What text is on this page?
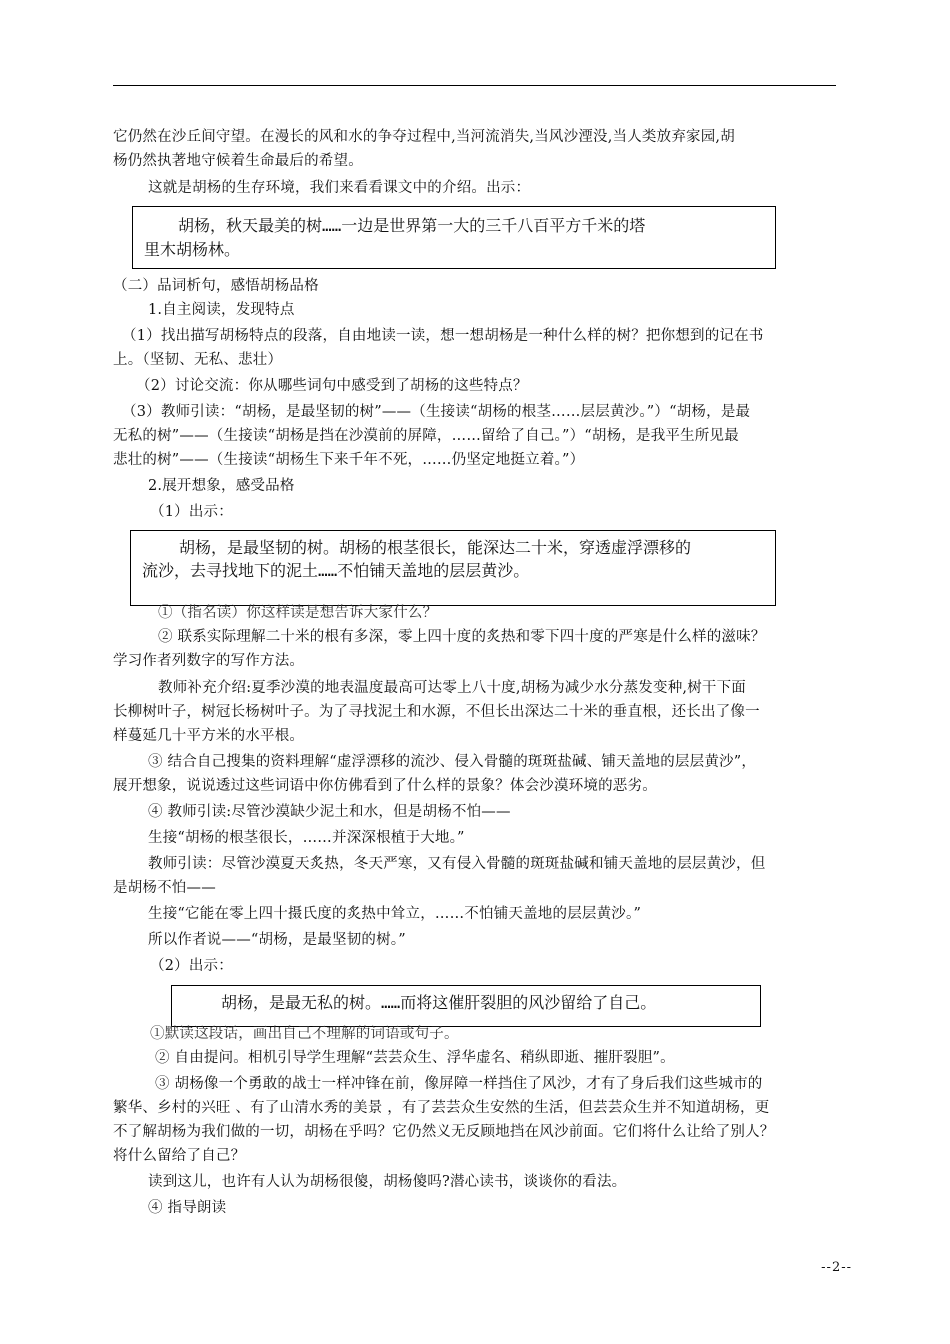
它仍然在沙丘间守望。在漫长的风和水的争夺过程中,当河流消失,当风沙湮没,当人类放弃家园,胡
杨仍然执著地守候着生命最后的希望。
这就是胡杨的生存环境，我们来看看课文中的介绍。出示：
胡杨，秋天最美的树……一边是世界第一大的三千八百平方千米的塔
里木胡杨林。
（二）品词析句，感悟胡杨品格
1.自主阅读，发现特点
（1）找出描写胡杨特点的段落，自由地读一读，想一想胡杨是一种什么样的树？把你想到的记在书
上。（坚韧、无私、悲壮）
（2）讨论交流：你从哪些词句中感受到了胡杨的这些特点？
（3）教师引读：“胡杨，是最坚韧的树”——（生接读“胡杨的根茎……层层黄沙。”）“胡杨，是最
无私的树”——（生接读“胡杨是挡在沙漠前的屏障，……留给了自己。”）“胡杨，是我平生所见最
悲壮的树”——（生接读“胡杨生下来千年不死，……仍坚定地挺立着。”）
2.展开想象，感受品格
（1）出示：
胡杨，是最坚韧的树。胡杨的根茎很长，能深达二十米，穿透虚浮漂移的
流沙，去寻找地下的泥土……不怕铺天盖地的层层黄沙。
①（指名读）你这样读是想告诉大家什么？
② 联系实际理解二十米的根有多深，零上四十度的炙热和零下四十度的严寒是什么样的滋味？
学习作者列数字的写作方法。
教师补充介绍:夏季沙漠的地表温度最高可达零上八十度,胡杨为减少水分蒸发变种,树干下面
长柳树叶子，树冠长杨树叶子。为了寻找泥土和水源，不但长出深达二十米的垂直根，还长出了像一
样蔓延几十平方米的水平根。
③ 结合自己搜集的资料理解“虚浮漂移的流沙、侵入骨髓的斑斑盐碱、铺天盖地的层层黄沙”，
展开想象，说说透过这些词语中你仿佛看到了什么样的景象？体会沙漠环境的恶劣。
④ 教师引读:尽管沙漠缺少泥土和水，但是胡杨不怕——
生接“胡杨的根茎很长，……并深深根植于大地。”
教师引读：尽管沙漠夏天炙热，冬天严寒，又有侵入骨髓的斑斑盐碱和铺天盖地的层层黄沙，但
是胡杨不怕——
生接“它能在零上四十摄氏度的炙热中耸立，……不怕铺天盖地的层层黄沙。”
所以作者说——“胡杨，是最坚韧的树。”
（2）出示：
胡杨，是最无私的树。……而将这催肝裂胆的风沙留给了自己。
①默读这段话，画出自己不理解的词语或句子。
② 自由提问。相机引导学生理解“芸芸众生、浮华虚名、稍纵即逝、摧肝裂胆”。
③ 胡杨像一个勇敢的战士一样冲锋在前，像屏障一样挡住了风沙，才有了身后我们这些城市的
繁华、乡村的兴旺 、有了山清水秀的美景 ，有了芸芸众生安然的生活，但芸芸众生并不知道胡杨，更
不了解胡杨为我们做的一切，胡杨在乎吗？它仍然义无反顾地挡在风沙前面。它们将什么让给了别人？
将什么留给了自己？
读到这儿，也许有人认为胡杨很傻，胡杨傻吗?潜心读书，谈谈你的看法。
④ 指导朗读
--2--
